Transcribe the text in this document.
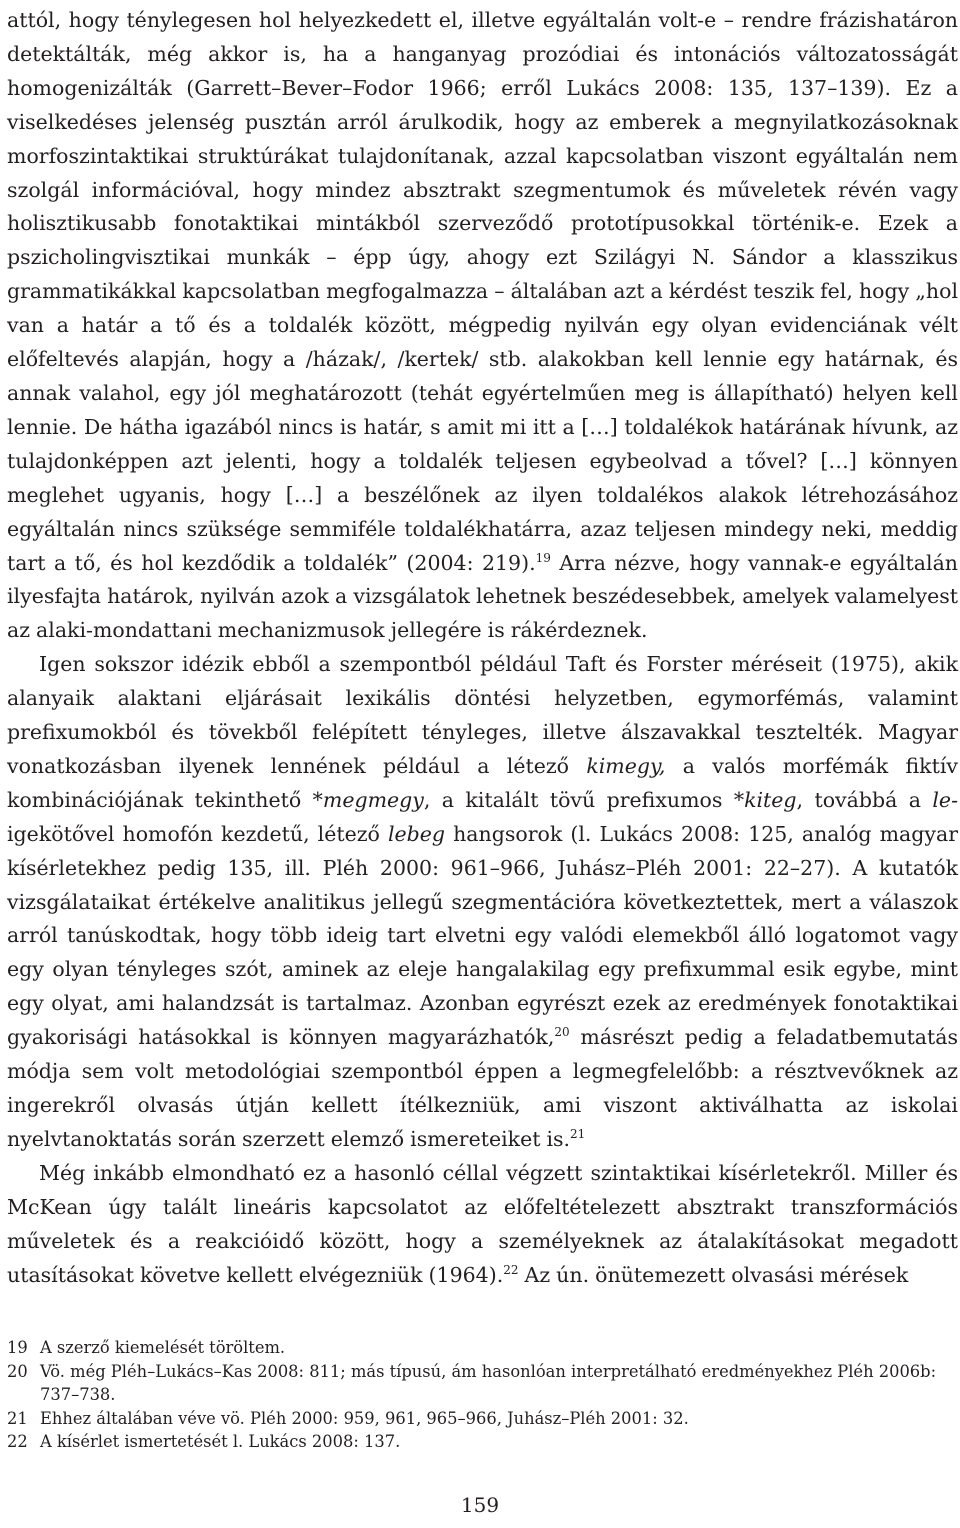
attól, hogy ténylegesen hol helyezkedett el, illetve egyáltalán volt-e – rendre frázishatáron detektálták, még akkor is, ha a hanganyag prozódiai és intonációs változatosságát homogenizálták (Garrett–Bever–Fodor 1966; erről Lukács 2008: 135, 137–139). Ez a viselkedéses jelenség pusztán arról árulkodik, hogy az emberek a megnyilatkozásoknak morfoszintaktikai struktúrákat tulajdonítanak, azzal kapcsolatban viszont egyáltalán nem szolgál információval, hogy mindez absztrakt szegmentumok és műveletek révén vagy holisztikusabb fonotaktikai mintákból szerveződő prototípusokkal történik-e. Ezek a pszicholingvisztikai munkák – épp úgy, ahogy ezt Szilágyi N. Sándor a klasszikus grammatikákkal kapcsolatban megfogalmazza – általában azt a kérdést teszik fel, hogy „hol van a határ a tő és a toldalék között, mégpedig nyilván egy olyan evidenciának vélt előfeltevés alapján, hogy a /házak/, /kertek/ stb. alakokban kell lennie egy határnak, és annak valahol, egy jól meghatározott (tehát egyértelműen meg is állapítható) helyen kell lennie. De hátha igazából nincs is határ, s amit mi itt a […] toldalékok határának hívunk, az tulajdonképpen azt jelenti, hogy a toldalék teljesen egybeolvad a tővel? […] könnyen meglehet ugyanis, hogy […] a beszélőnek az ilyen toldalékos alakok létrehozásához egyáltalán nincs szüksége semmiféle toldalékhatárra, azaz teljesen mindegy neki, meddig tart a tő, és hol kezdődik a toldalék” (2004: 219).$^{19}$ Arra nézve, hogy vannak-e egyáltalán ilyesfajta határok, nyilván azok a vizsgálatok lehetnek beszédesebbek, amelyek valamelyest az alaki-mondattani mechanizmusok jellegére is rákérdeznek.

Igen sokszor idézik ebből a szempontból például Taft és Forster méréseit (1975), akik alanyaik alaktani eljárásait lexikális döntési helyzetben, egymorfémás, valamint prefixumokból és tövekből felépített tényleges, illetve álszavakkal tesztelték. Magyar vonatkozásban ilyenek lennének például a létező kimegy, a valós morfémák fiktív kombinációjának tekinthető *megmegy, a kitalált tövű prefixumos *kiteg, továbbá a le- igekötővel homofón kezdetű, létező lebeg hangsorok (l. Lukács 2008: 125, analóg magyar kísérletekhez pedig 135, ill. Pléh 2000: 961–966, Juhász–Pléh 2001: 22–27). A kutatók vizsgálataikat értékelve analitikus jellegű szegmentációra következtettek, mert a válaszok arról tanúskodtak, hogy több ideig tart elvetni egy valódi elemekből álló logatomot vagy egy olyan tényleges szót, aminek az eleje hangalakilag egy prefixummal esik egybe, mint egy olyat, ami halandzsát is tartalmaz. Azonban egyrészt ezek az eredmények fonotaktikai gyakorisági hatásokkal is könnyen magyarázhatók,$^{20}$ másrészt pedig a feladatbemutatás módja sem volt metodológiai szempontból éppen a legmegfelelőbb: a résztvevőknek az ingerekről olvasás útján kellett ítélkezniük, ami viszont aktiválhatta az iskolai nyelvtanoktatás során szerzett elemző ismereteiket is.$^{21}$

Még inkább elmondható ez a hasonló céllal végzett szintaktikai kísérletekről. Miller és McKean úgy talált lineáris kapcsolatot az előfeltételezett absztrakt transzformációs műveletek és a reakcióidő között, hogy a személyeknek az átalakításokat megadott utasításokat követve kellett elvégezniük (1964).$^{22}$ Az ún. önütemezett olvasási mérések

19 A szerző kiemelését töröltem.

20 Vö. még Pléh–Lukács–Kas 2008: 811; más típusú, ám hasonlóan interpretálható eredményekhez Pléh 2006b: 737–738.

21 Ehhez általában véve vö. Pléh 2000: 959, 961, 965–966, Juhász–Pléh 2001: 32.

22 A kísérlet ismertetését l. Lukács 2008: 137.

159
